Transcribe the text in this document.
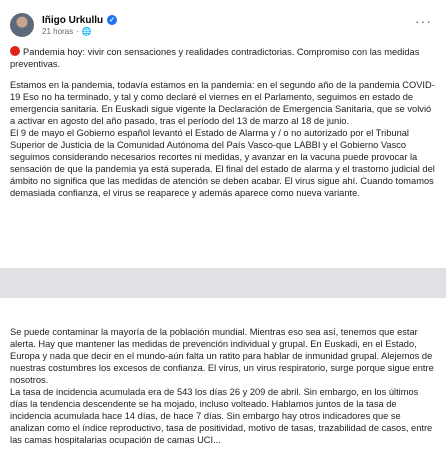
Iñigo Urkullu ✓
21 horas · 🌐
···

Pandemia hoy: vivir con sensaciones y realidades contradictorias. Compromiso con las medidas preventivas.

Estamos en la pandemia, todavía estamos en la pandemia: en el segundo año de la pandemia COVID-19 Eso no ha terminado, y tal y como declaré el viernes en el Parlamento, seguimos en estado de emergencia sanitaria. En Euskadi sigue vigente la Declaración de Emergencia Sanitaria, que se volvió a activar en agosto del año pasado, tras el período del 13 de marzo al 18 de junio.

El 9 de mayo el Gobierno español levantó el Estado de Alarma y / o no autorizado por el Tribunal Superior de Justicia de la Comunidad Autónoma del País Vasco-que LABBI y el Gobierno Vasco seguimos considerando necesarios recortes ni medidas, y avanzar en la vacuna puede provocar la sensación de que la pandemia ya está superada. El final del estado de alarma y el trastorno judicial del ámbito no significa que las medidas de atención se deben acabar. El virus sigue ahí. Cuando tomamos demasiada confianza, el virus se reaparece y además aparece como nueva variante.

Se puede contaminar la mayoría de la población mundial. Mientras eso sea así, tenemos que estar alerta. Hay que mantener las medidas de prevención individual y grupal. En Euskadi, en el Estado, Europa y nada que decir en el mundo-aún falta un ratito para hablar de inmunidad grupal. Alejemos de nuestras costumbres los excesos de confianza. El virus, un virus respiratorio, surge porque sigue entre nosotros.

La tasa de incidencia acumulada era de 543 los días 26 y 209 de abril. Sin embargo, en los últimos días la tendencia descendente se ha mojado, incluso volteado. Hablamos juntos de la tasa de incidencia acumulada hace 14 días, de hace 7 días. Sin embargo hay otros indicadores que se analizan como el índice reproductivo, tasa de positividad, motivo de tasas, trazabilidad de casos, entre las camas hospitalarias ocupación de camas UCI...
